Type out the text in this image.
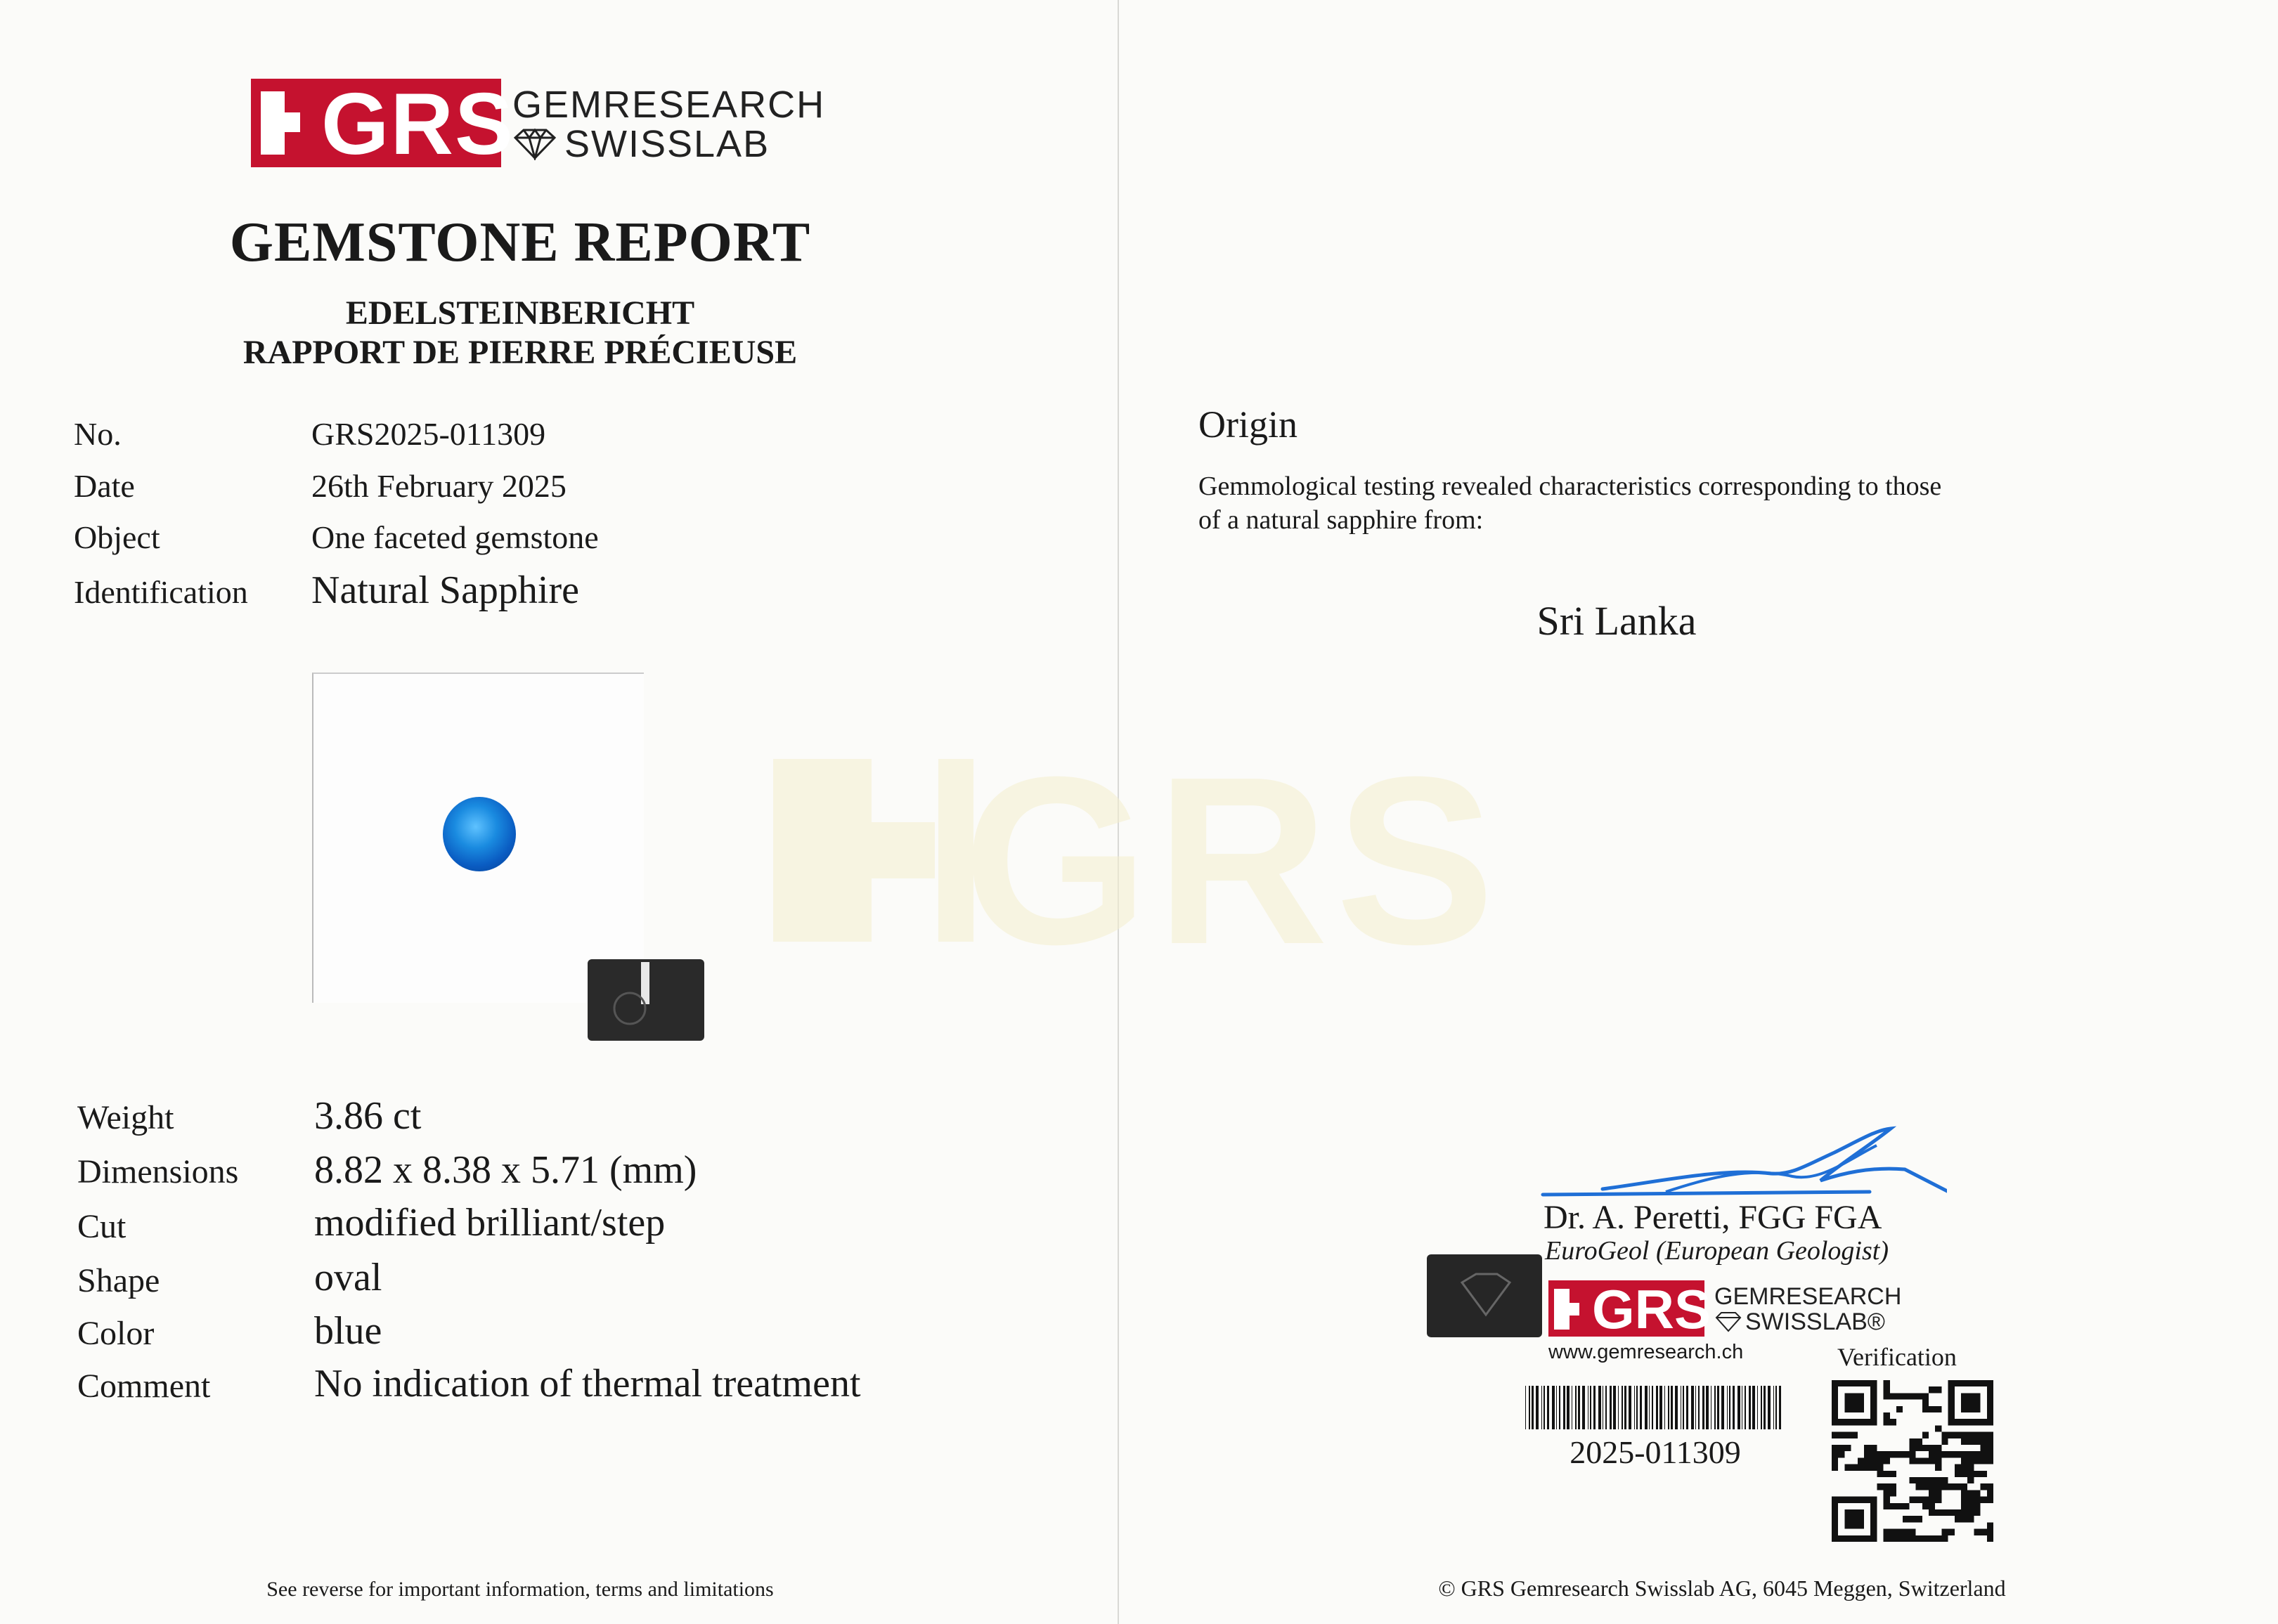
GRS
GRS
GEMRESEARCH
SWISSLAB
GEMSTONE REPORT
EDELSTEINBERICHT
RAPPORT DE PIERRE PRÉCIEUSE
No.	GRS2025-011309
Date	26th February 2025
Object	One faceted gemstone
Identification Natural Sapphire
Weight	3.86 ct
Dimensions 8.82 x 8.38 x 5.71 (mm)
Cut	modified brilliant/step
Shape	oval
Color	blue
Comment	No indication of thermal treatment
See reverse for important information, terms and limitations
Origin
Gemmological testing revealed characteristics corresponding to those
of a natural sapphire from:
Sri Lanka
Dr. A. Peretti, FGG FGA
EuroGeol (European Geologist)
GRS GEMRESEARCH
SWISSLAB®
www.gemresearch.ch	Verification
2025-011309
© GRS Gemresearch Swisslab AG, 6045 Meggen, Switzerland
